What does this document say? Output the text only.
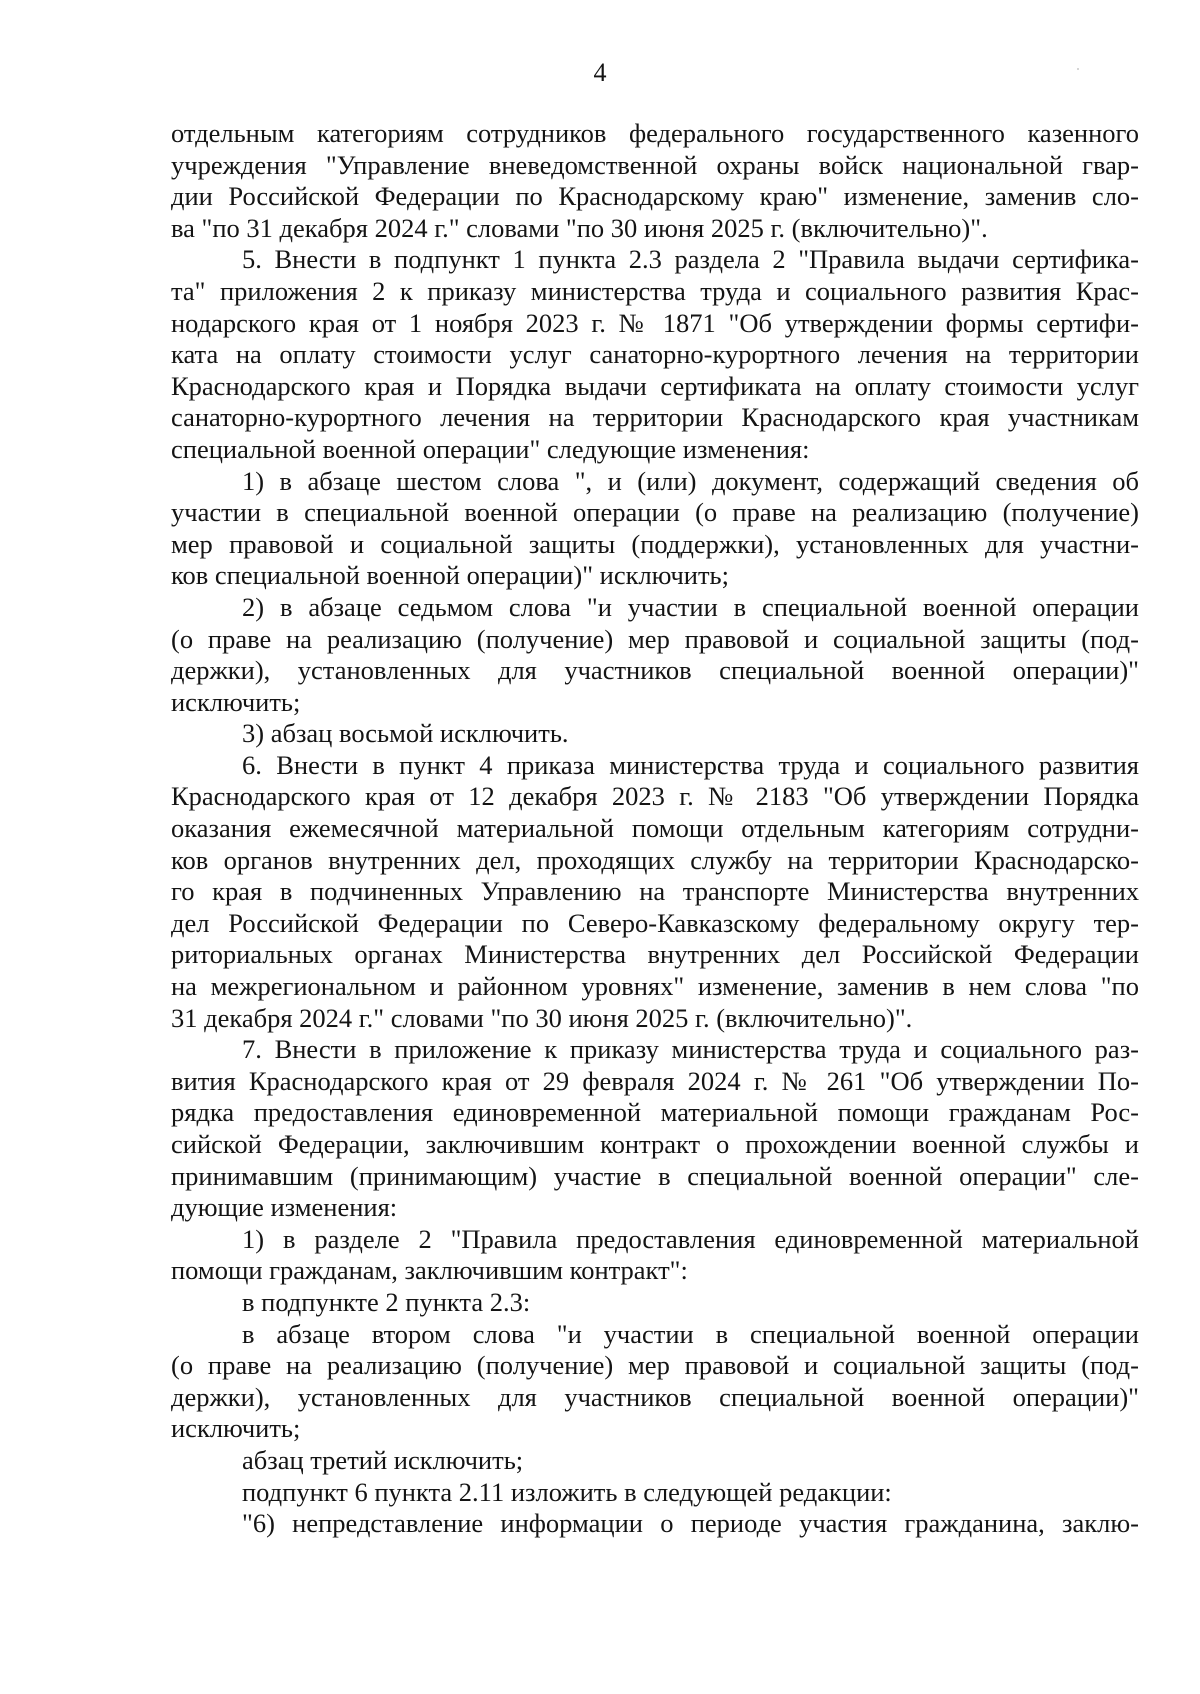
4
отдельным категориям сотрудников федерального государственного казенного
учреждения "Управление вневедомственной охраны войск национальной гвар-
дии Российской Федерации по Краснодарскому краю" изменение, заменив сло-
ва "по 31 декабря 2024 г." словами "по 30 июня 2025 г. (включительно)".
5. Внести в подпункт 1 пункта 2.3 раздела 2 "Правила выдачи сертифика-
та" приложения 2 к приказу министерства труда и социального развития Крас-
нодарского края от 1 ноября 2023 г. № 1871 "Об утверждении формы сертифи-
ката на оплату стоимости услуг санаторно-курортного лечения на территории
Краснодарского края и Порядка выдачи сертификата на оплату стоимости услуг
санаторно-курортного лечения на территории Краснодарского края участникам
специальной военной операции" следующие изменения:
1) в абзаце шестом слова ", и (или) документ, содержащий сведения об
участии в специальной военной операции (о праве на реализацию (получение)
мер правовой и социальной защиты (поддержки), установленных для участни-
ков специальной военной операции)" исключить;
2) в абзаце седьмом слова "и участии в специальной военной операции
(о праве на реализацию (получение) мер правовой и социальной защиты (под-
держки), установленных для участников специальной военной операции)"
исключить;
3) абзац восьмой исключить.
6. Внести в пункт 4 приказа министерства труда и социального развития
Краснодарского края от 12 декабря 2023 г. № 2183 "Об утверждении Порядка
оказания ежемесячной материальной помощи отдельным категориям сотрудни-
ков органов внутренних дел, проходящих службу на территории Краснодарско-
го края в подчиненных Управлению на транспорте Министерства внутренних
дел Российской Федерации по Северо-Кавказскому федеральному округу тер-
риториальных органах Министерства внутренних дел Российской Федерации
на межрегиональном и районном уровнях" изменение, заменив в нем слова "по
31 декабря 2024 г." словами "по 30 июня 2025 г. (включительно)".
7. Внести в приложение к приказу министерства труда и социального раз-
вития Краснодарского края от 29 февраля 2024 г. № 261 "Об утверждении По-
рядка предоставления единовременной материальной помощи гражданам Рос-
сийской Федерации, заключившим контракт о прохождении военной службы и
принимавшим (принимающим) участие в специальной военной операции" сле-
дующие изменения:
1) в разделе 2 "Правила предоставления единовременной материальной
помощи гражданам, заключившим контракт":
в подпункте 2 пункта 2.3:
в абзаце втором слова "и участии в специальной военной операции
(о праве на реализацию (получение) мер правовой и социальной защиты (под-
держки), установленных для участников специальной военной операции)"
исключить;
абзац третий исключить;
подпункт 6 пункта 2.11 изложить в следующей редакции:
"6) непредставление информации о периоде участия гражданина, заклю-
